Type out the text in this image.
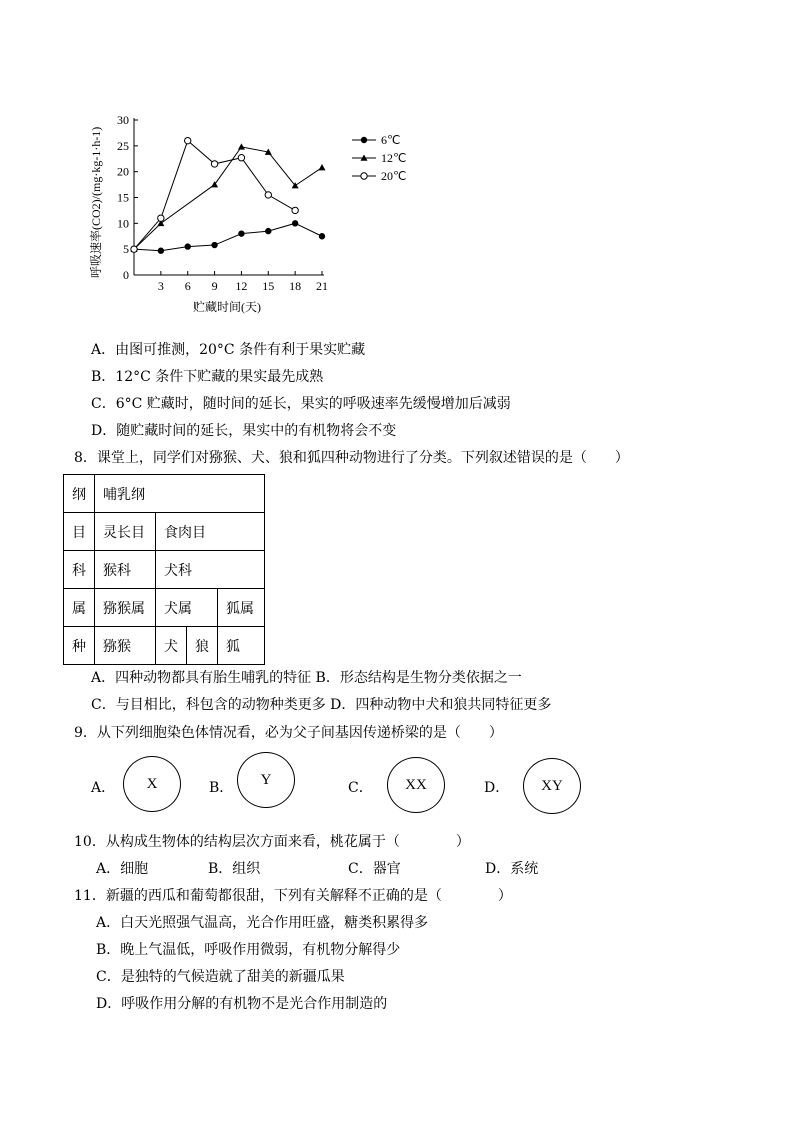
呼吸速率(CO2)/(mg·kg-1·h-1) 0
5
10
15
20
25
30
3 6 9 12 15 18 21
6℃
12℃
20℃
贮藏时间(天)
A．由图可推测，20°C 条件有利于果实贮藏
B．12°C 条件下贮藏的果实最先成熟
C．6°C 贮藏时，随时间的延长，果实的呼吸速率先缓慢增加后减弱
D．随贮藏时间的延长，果实中的有机物将会不变
8．课堂上，同学们对猕猴、犬、狼和狐四种动物进行了分类。下列叙述错误的是（　　）
纲	哺乳纲			
目	灵长目	食肉目		
科	猴科	犬科		
属	猕猴属	犬属		狐属
种	猕猴	犬	狼	狐
A．四种动物都具有胎生哺乳的特征 B．形态结构是生物分类依据之一
C．与目相比，科包含的动物种类更多 D．四种动物中犬和狼共同特征更多
9．从下列细胞染色体情况看，必为父子间基因传递桥梁的是（　　）
A．	X	B．
Y
C．	XX	D．	XY
10．从构成生物体的结构层次方面来看，桃花属于（　　　　）
A．细胞	B．组织	C．器官	D．系统
11．新疆的西瓜和葡萄都很甜，下列有关解释不正确的是（　　　　）
A．白天光照强气温高，光合作用旺盛，糖类积累得多
B．晚上气温低，呼吸作用微弱，有机物分解得少
C．是独特的气候造就了甜美的新疆瓜果
D．呼吸作用分解的有机物不是光合作用制造的
